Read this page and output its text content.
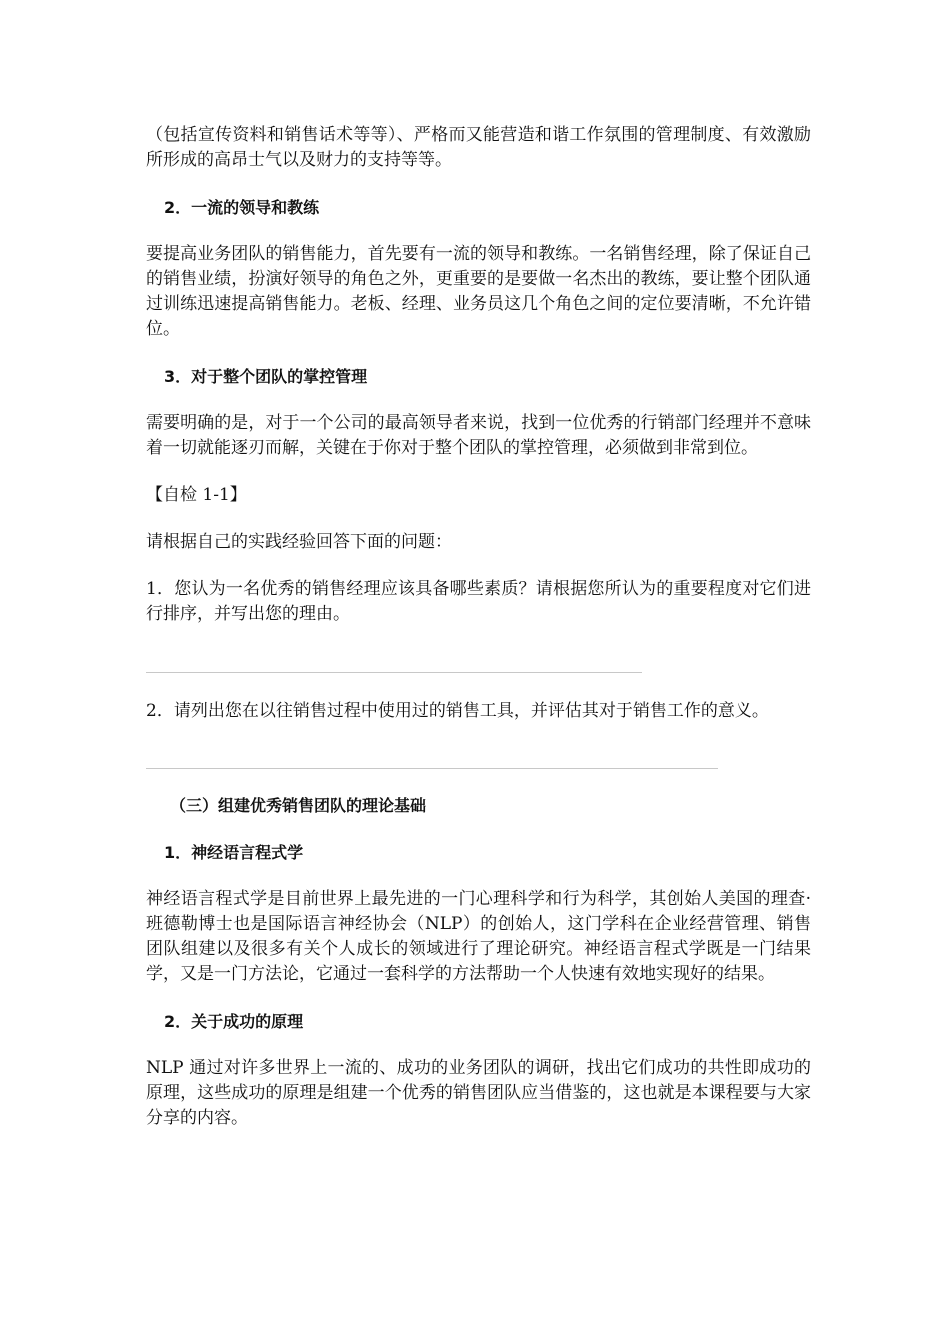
（包括宣传资料和销售话术等等）、严格而又能营造和谐工作氛围的管理制度、有效激励所形成的高昂士气以及财力的支持等等。

2．一流的领导和教练

要提高业务团队的销售能力，首先要有一流的领导和教练。一名销售经理，除了保证自己的销售业绩，扮演好领导的角色之外，更重要的是要做一名杰出的教练，要让整个团队通过训练迅速提高销售能力。老板、经理、业务员这几个角色之间的定位要清晰，不允许错位。

3．对于整个团队的掌控管理

需要明确的是，对于一个公司的最高领导者来说，找到一位优秀的行销部门经理并不意味着一切就能逐刃而解，关键在于你对于整个团队的掌控管理，必须做到非常到位。

【自检 1-1】

请根据自己的实践经验回答下面的问题：

1．您认为一名优秀的销售经理应该具备哪些素质？请根据您所认为的重要程度对它们进行排序，并写出您的理由。

2．请列出您在以往销售过程中使用过的销售工具，并评估其对于销售工作的意义。

（三）组建优秀销售团队的理论基础

1．神经语言程式学

神经语言程式学是目前世界上最先进的一门心理科学和行为科学，其创始人美国的理查·班德勒博士也是国际语言神经协会（NLP）的创始人，这门学科在企业经营管理、销售团队组建以及很多有关个人成长的领域进行了理论研究。神经语言程式学既是一门结果学，又是一门方法论，它通过一套科学的方法帮助一个人快速有效地实现好的结果。

2．关于成功的原理

NLP 通过对许多世界上一流的、成功的业务团队的调研，找出它们成功的共性即成功的原理，这些成功的原理是组建一个优秀的销售团队应当借鉴的，这也就是本课程要与大家分享的内容。
